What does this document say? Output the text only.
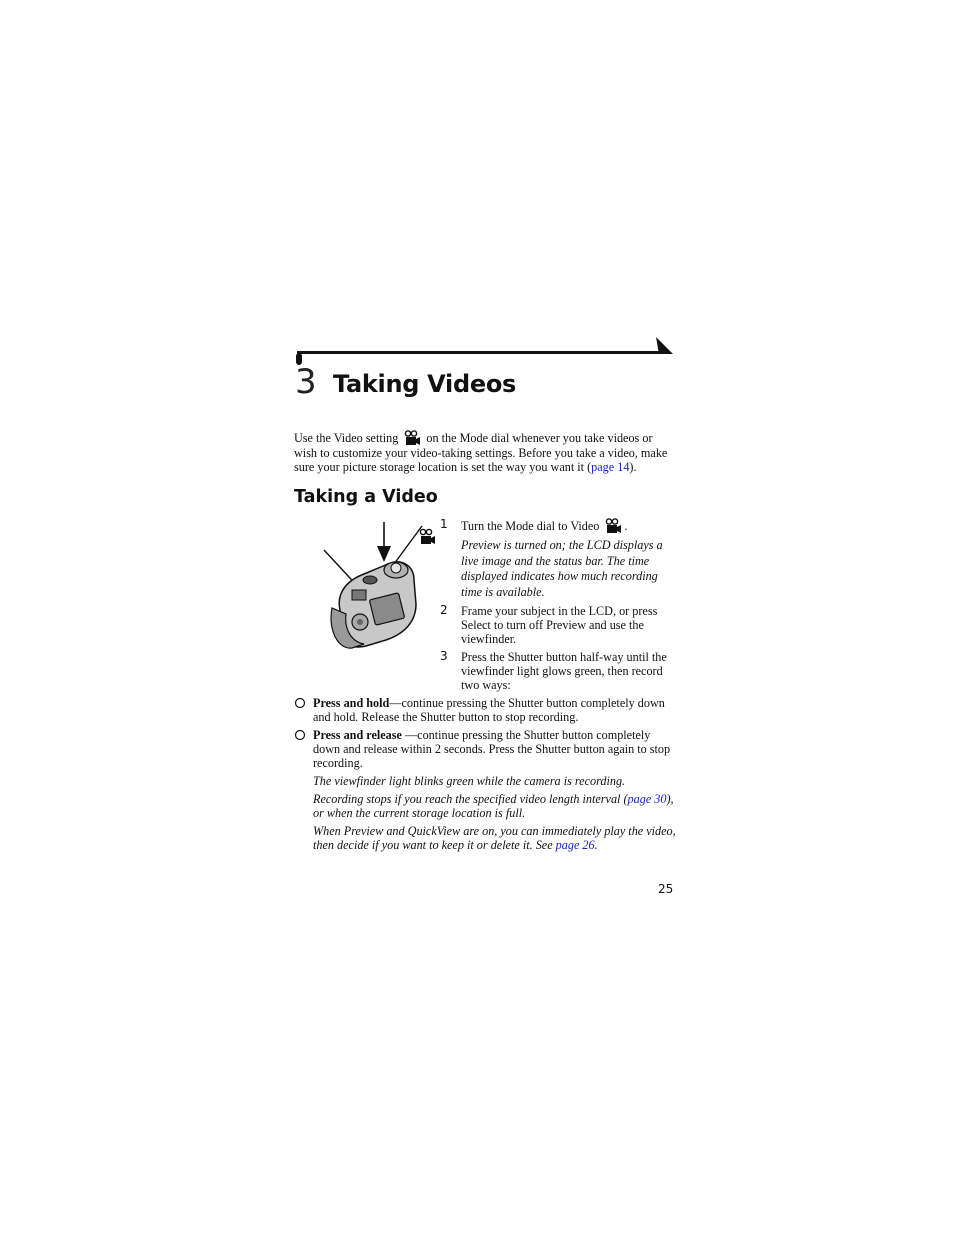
3 Taking Videos
Use the Video setting on the Mode dial whenever you take videos or wish to customize your video-taking settings. Before you take a video, make sure your picture storage location is set the way you want it (page 14).
Taking a Video
1 Turn the Mode dial to Video .
Preview is turned on; the LCD displays a live image and the status bar. The time displayed indicates how much recording time is available.
2 Frame your subject in the LCD, or press Select to turn off Preview and use the viewfinder.
3 Press the Shutter button half-way until the viewfinder light glows green, then record two ways:
Press and hold—continue pressing the Shutter button completely down and hold. Release the Shutter button to stop recording.
Press and release —continue pressing the Shutter button completely down and release within 2 seconds. Press the Shutter button again to stop recording.
The viewfinder light blinks green while the camera is recording.
Recording stops if you reach the specified video length interval (page 30), or when the current storage location is full.
When Preview and QuickView are on, you can immediately play the video, then decide if you want to keep it or delete it. See page 26.
25
